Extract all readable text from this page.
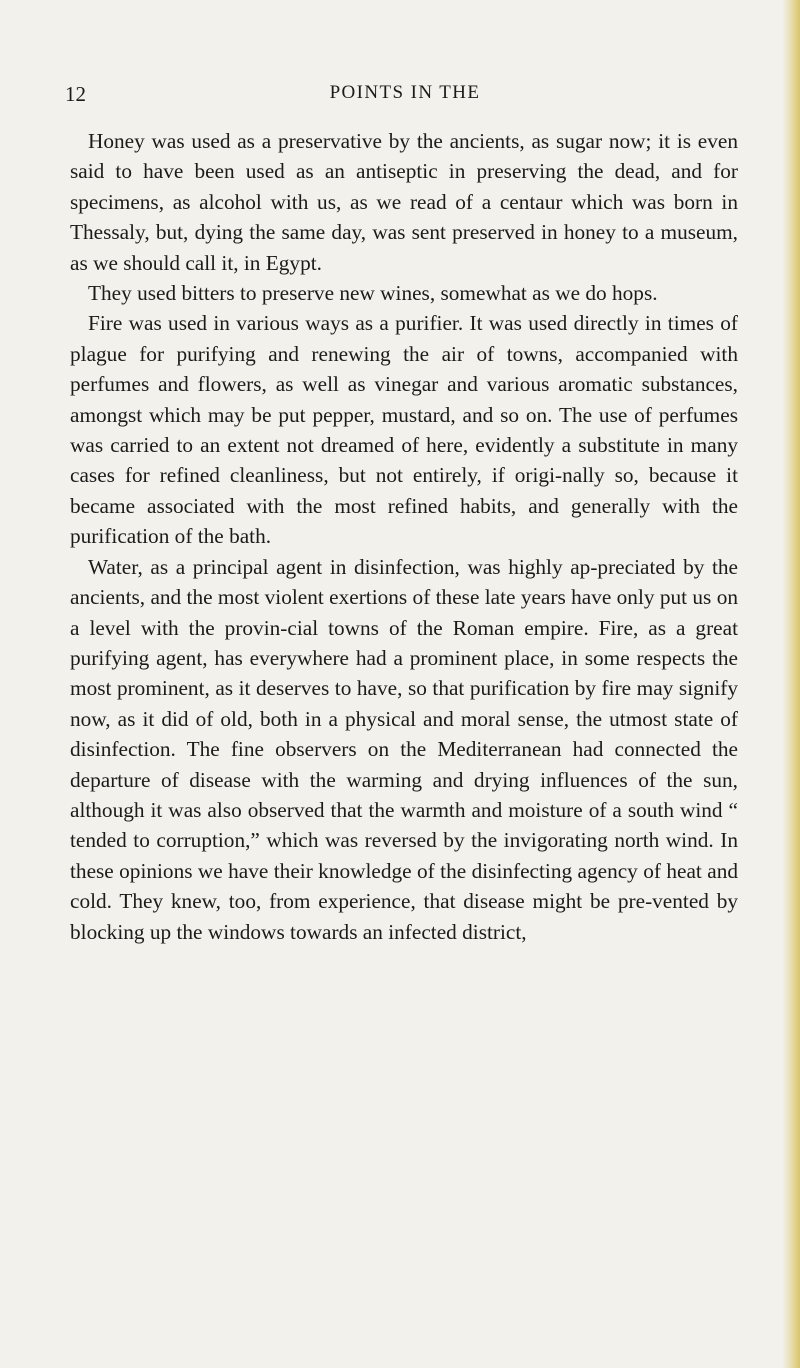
12	POINTS IN THE

Honey was used as a preservative by the ancients, as sugar now; it is even said to have been used as an antiseptic in preserving the dead, and for specimens, as alcohol with us, as we read of a centaur which was born in Thessaly, but, dying the same day, was sent preserved in honey to a museum, as we should call it, in Egypt.

They used bitters to preserve new wines, somewhat as we do hops.

Fire was used in various ways as a purifier. It was used directly in times of plague for purifying and renewing the air of towns, accompanied with perfumes and flowers, as well as vinegar and various aromatic substances, amongst which may be put pepper, mustard, and so on. The use of perfumes was carried to an extent not dreamed of here, evidently a substitute in many cases for refined cleanliness, but not entirely, if origi-nally so, because it became associated with the most refined habits, and generally with the purification of the bath.

Water, as a principal agent in disinfection, was highly ap-preciated by the ancients, and the most violent exertions of these late years have only put us on a level with the provin-cial towns of the Roman empire. Fire, as a great purifying agent, has everywhere had a prominent place, in some respects the most prominent, as it deserves to have, so that purification by fire may signify now, as it did of old, both in a physical and moral sense, the utmost state of disinfection. The fine observers on the Mediterranean had connected the departure of disease with the warming and drying influences of the sun, although it was also observed that the warmth and moisture of a south wind “ tended to corruption,” which was reversed by the invigorating north wind. In these opinions we have their knowledge of the disinfecting agency of heat and cold. They knew, too, from experience, that disease might be pre-vented by blocking up the windows towards an infected district,
